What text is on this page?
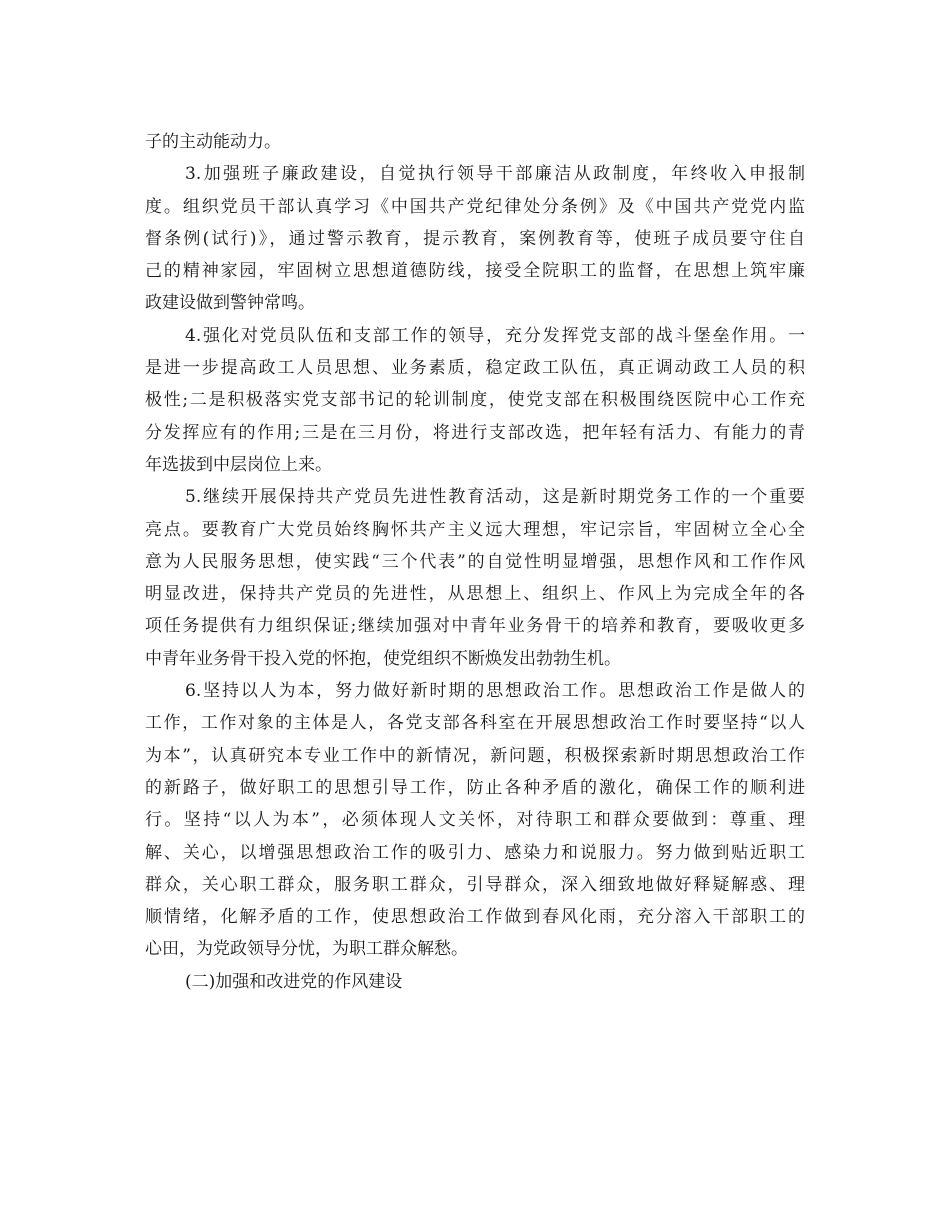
子的主动能动力。
3.加强班子廉政建设，自觉执行领导干部廉洁从政制度，年终收入申报制
度。组织党员干部认真学习《中国共产党纪律处分条例》及《中国共产党党内监
督条例(试行)》，通过警示教育，提示教育，案例教育等，使班子成员要守住自
己的精神家园，牢固树立思想道德防线，接受全院职工的监督，在思想上筑牢廉
政建设做到警钟常鸣。
4.强化对党员队伍和支部工作的领导，充分发挥党支部的战斗堡垒作用。一
是进一步提高政工人员思想、业务素质，稳定政工队伍，真正调动政工人员的积
极性;二是积极落实党支部书记的轮训制度，使党支部在积极围绕医院中心工作充
分发挥应有的作用;三是在三月份，将进行支部改选，把年轻有活力、有能力的青
年选拔到中层岗位上来。
5.继续开展保持共产党员先进性教育活动，这是新时期党务工作的一个重要
亮点。要教育广大党员始终胸怀共产主义远大理想，牢记宗旨，牢固树立全心全
意为人民服务思想，使实践“三个代表”的自觉性明显增强，思想作风和工作作风
明显改进，保持共产党员的先进性，从思想上、组织上、作风上为完成全年的各
项任务提供有力组织保证;继续加强对中青年业务骨干的培养和教育，要吸收更多
中青年业务骨干投入党的怀抱，使党组织不断焕发出勃勃生机。
6.坚持以人为本，努力做好新时期的思想政治工作。思想政治工作是做人的
工作，工作对象的主体是人，各党支部各科室在开展思想政治工作时要坚持“以人
为本”，认真研究本专业工作中的新情况，新问题，积极探索新时期思想政治工作
的新路子，做好职工的思想引导工作，防止各种矛盾的激化，确保工作的顺利进
行。坚持“以人为本”，必须体现人文关怀，对待职工和群众要做到：尊重、理
解、关心，以增强思想政治工作的吸引力、感染力和说服力。努力做到贴近职工
群众，关心职工群众，服务职工群众，引导群众，深入细致地做好释疑解惑、理
顺情绪，化解矛盾的工作，使思想政治工作做到春风化雨，充分溶入干部职工的
心田，为党政领导分忧，为职工群众解愁。
(二)加强和改进党的作风建设
